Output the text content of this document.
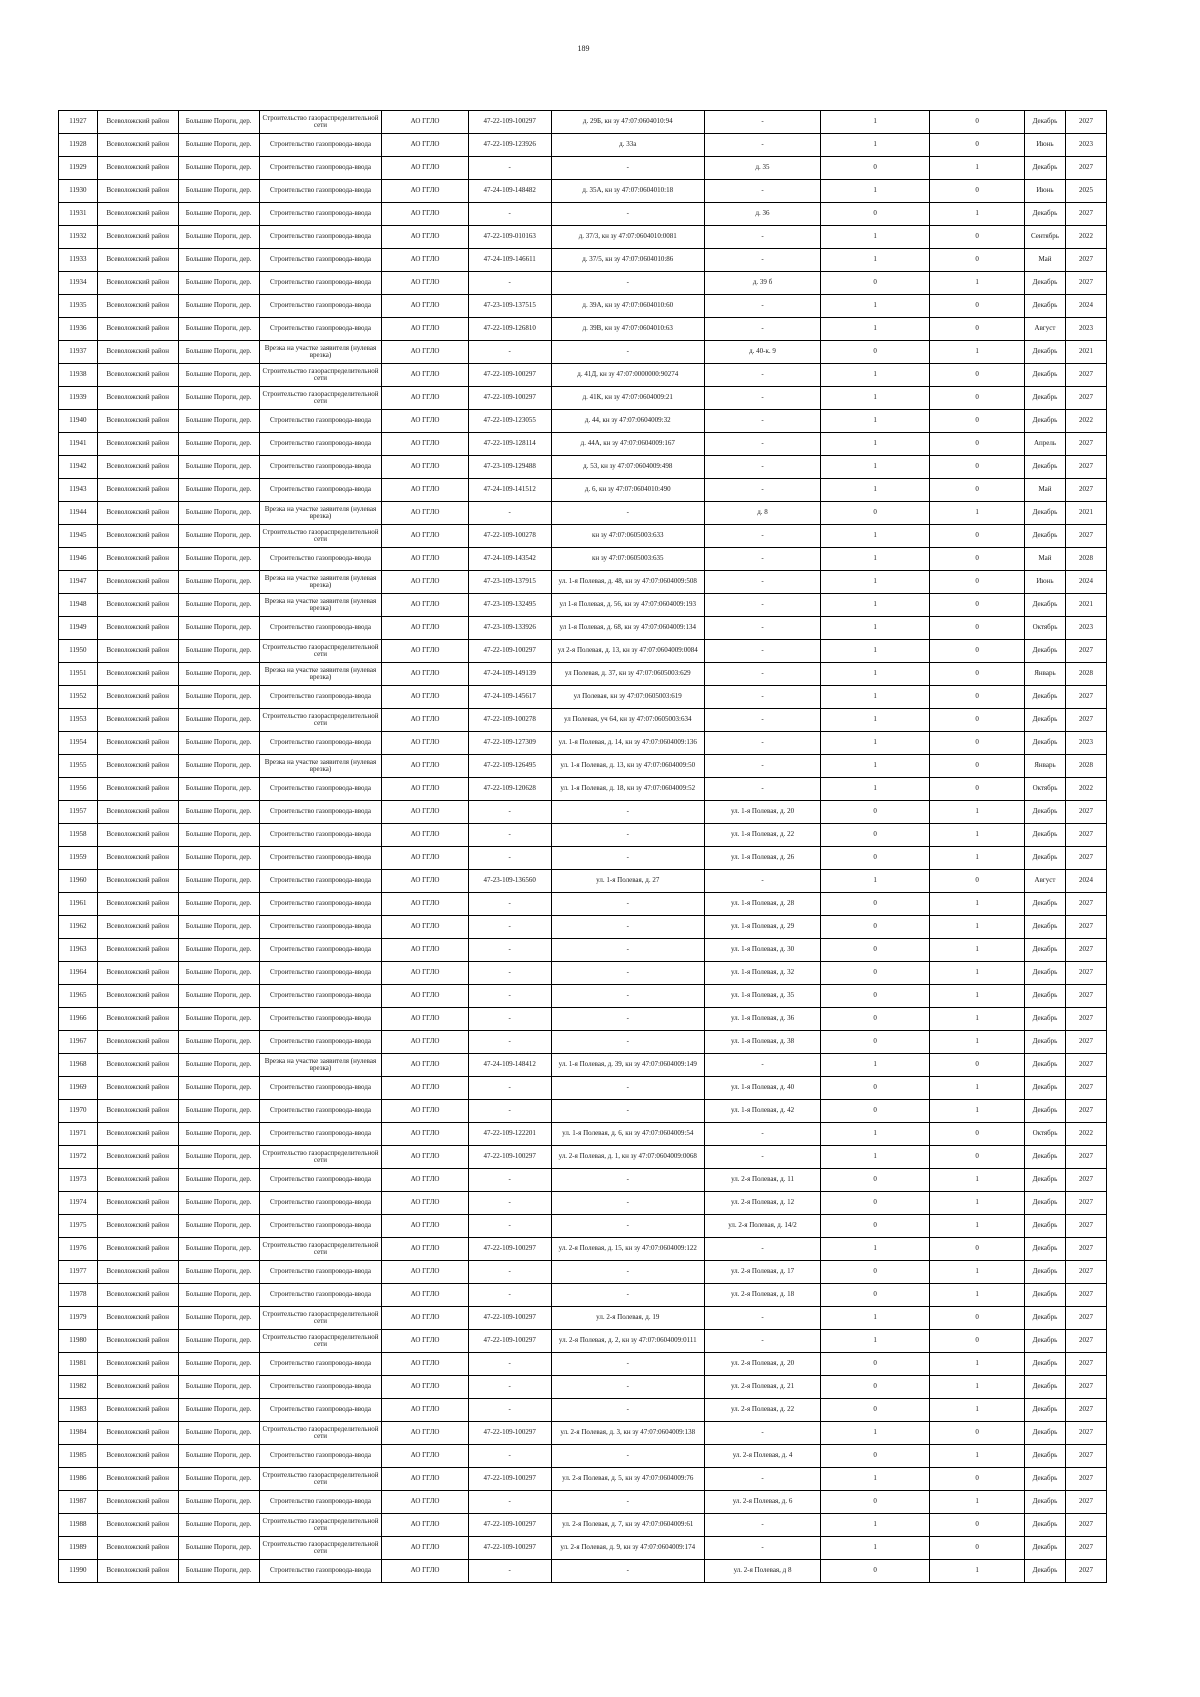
189
11927	Всеволожский район	Большие Пороги, дер.	Строительство газораспределительной сети	АО ГГЛО	47-22-109-100297	д. 29Б, кн зу 47:07:0604010:94	-	1	0	Декабрь	2027
11928	Всеволожский район	Большие Пороги, дер.	Строительство газопровода-ввода	АО ГГЛО	47-22-109-123926	д. 33а	-	1	0	Июнь	2023
11929	Всеволожский район	Большие Пороги, дер.	Строительство газопровода-ввода	АО ГГЛО	-	-	д. 35	0	1	Декабрь	2027
11930	Всеволожский район	Большие Пороги, дер.	Строительство газопровода-ввода	АО ГГЛО	47-24-109-148482	д. 35А, кн зу 47:07:0604010:18	-	1	0	Июнь	2025
11931	Всеволожский район	Большие Пороги, дер.	Строительство газопровода-ввода	АО ГГЛО	-	-	д. 36	0	1	Декабрь	2027
11932	Всеволожский район	Большие Пороги, дер.	Строительство газопровода-ввода	АО ГГЛО	47-22-109-010163	д. 37/3, кн зу 47:07:0604010:0081	-	1	0	Сентябрь	2022
11933	Всеволожский район	Большие Пороги, дер.	Строительство газопровода-ввода	АО ГГЛО	47-24-109-146611	д. 37/5, кн зу 47:07:0604010:86	-	1	0	Май	2027
11934	Всеволожский район	Большие Пороги, дер.	Строительство газопровода-ввода	АО ГГЛО	-	-	д. 39 б	0	1	Декабрь	2027
11935	Всеволожский район	Большие Пороги, дер.	Строительство газопровода-ввода	АО ГГЛО	47-23-109-137515	д. 39А, кн зу 47:07:0604010:60	-	1	0	Декабрь	2024
11936	Всеволожский район	Большие Пороги, дер.	Строительство газопровода-ввода	АО ГГЛО	47-22-109-126810	д. 39В, кн зу 47:07:0604010:63	-	1	0	Август	2023
11937	Всеволожский район	Большие Пороги, дер.	Врезка на участке заявителя (нулевая врезка)	АО ГГЛО	-	-	д. 40-к. 9	0	1	Декабрь	2021
11938	Всеволожский район	Большие Пороги, дер.	Строительство газораспределительной сети	АО ГГЛО	47-22-109-100297	д. 41Д, кн зу 47:07:0000000:90274	-	1	0	Декабрь	2027
11939	Всеволожский район	Большие Пороги, дер.	Строительство газораспределительной сети	АО ГГЛО	47-22-109-100297	д. 41К, кн зу 47:07:0604009:21	-	1	0	Декабрь	2027
11940	Всеволожский район	Большие Пороги, дер.	Строительство газопровода-ввода	АО ГГЛО	47-22-109-123055	д. 44, кн зу 47:07:0604009:32	-	1	0	Декабрь	2022
11941	Всеволожский район	Большие Пороги, дер.	Строительство газопровода-ввода	АО ГГЛО	47-22-109-128114	д. 44А, кн зу 47:07:0604009:167	-	1	0	Апрель	2027
11942	Всеволожский район	Большие Пороги, дер.	Строительство газопровода-ввода	АО ГГЛО	47-23-109-129488	д. 53, кн зу 47:07:0604009:498	-	1	0	Декабрь	2027
11943	Всеволожский район	Большие Пороги, дер.	Строительство газопровода-ввода	АО ГГЛО	47-24-109-141512	д. 6, кн зу 47:07:0604010:490	-	1	0	Май	2027
11944	Всеволожский район	Большие Пороги, дер.	Врезка на участке заявителя (нулевая врезка)	АО ГГЛО	-	-	д. 8	0	1	Декабрь	2021
11945	Всеволожский район	Большие Пороги, дер.	Строительство газораспределительной сети	АО ГГЛО	47-22-109-100278	кн зу 47:07:0605003:633	-	1	0	Декабрь	2027
11946	Всеволожский район	Большие Пороги, дер.	Строительство газопровода-ввода	АО ГГЛО	47-24-109-143542	кн зу 47:07:0605003:635	-	1	0	Май	2028
11947	Всеволожский район	Большие Пороги, дер.	Врезка на участке заявителя (нулевая врезка)	АО ГГЛО	47-23-109-137915	ул. 1-я Полевая, д. 48, кн зу 47:07:0604009:508	-	1	0	Июнь	2024
11948	Всеволожский район	Большие Пороги, дер.	Врезка на участке заявителя (нулевая врезка)	АО ГГЛО	47-23-109-132495	ул 1-я Полевая, д. 56, кн зу 47:07:0604009:193	-	1	0	Декабрь	2021
11949	Всеволожский район	Большие Пороги, дер.	Строительство газопровода-ввода	АО ГГЛО	47-23-109-133926	ул 1-я Полевая, д. 68, кн зу 47:07:0604009:134	-	1	0	Октябрь	2023
11950	Всеволожский район	Большие Пороги, дер.	Строительство газораспределительной сети	АО ГГЛО	47-22-109-100297	ул 2-я Полевая, д. 13, кн зу 47:07:0604009:0084	-	1	0	Декабрь	2027
11951	Всеволожский район	Большие Пороги, дер.	Врезка на участке заявителя (нулевая врезка)	АО ГГЛО	47-24-109-149139	ул Полевая, д. 37, кн зу 47:07:0605003:629	-	1	0	Январь	2028
11952	Всеволожский район	Большие Пороги, дер.	Строительство газопровода-ввода	АО ГГЛО	47-24-109-145617	ул Полевая, кн зу 47:07:0605003:619	-	1	0	Декабрь	2027
11953	Всеволожский район	Большие Пороги, дер.	Строительство газораспределительной сети	АО ГГЛО	47-22-109-100278	ул Полевая, уч 64, кн зу 47:07:0605003:634	-	1	0	Декабрь	2027
11954	Всеволожский район	Большие Пороги, дер.	Строительство газопровода-ввода	АО ГГЛО	47-22-109-127309	ул. 1-я Полевая, д. 14, кн зу 47:07:0604009:136	-	1	0	Декабрь	2023
11955	Всеволожский район	Большие Пороги, дер.	Врезка на участке заявителя (нулевая врезка)	АО ГГЛО	47-22-109-126495	ул. 1-я Полевая, д. 13, кн зу 47:07:0604009:50	-	1	0	Январь	2028
11956	Всеволожский район	Большие Пороги, дер.	Строительство газопровода-ввода	АО ГГЛО	47-22-109-120628	ул. 1-я Полевая, д. 18, кн зу 47:07:0604009:52	-	1	0	Октябрь	2022
11957	Всеволожский район	Большие Пороги, дер.	Строительство газопровода-ввода	АО ГГЛО	-	-	ул. 1-я Полевая, д. 20	0	1	Декабрь	2027
11958	Всеволожский район	Большие Пороги, дер.	Строительство газопровода-ввода	АО ГГЛО	-	-	ул. 1-я Полевая, д. 22	0	1	Декабрь	2027
11959	Всеволожский район	Большие Пороги, дер.	Строительство газопровода-ввода	АО ГГЛО	-	-	ул. 1-я Полевая, д. 26	0	1	Декабрь	2027
11960	Всеволожский район	Большие Пороги, дер.	Строительство газопровода-ввода	АО ГГЛО	47-23-109-136560	ул. 1-я Полевая, д. 27	-	1	0	Август	2024
11961	Всеволожский район	Большие Пороги, дер.	Строительство газопровода-ввода	АО ГГЛО	-	-	ул. 1-я Полевая, д. 28	0	1	Декабрь	2027
11962	Всеволожский район	Большие Пороги, дер.	Строительство газопровода-ввода	АО ГГЛО	-	-	ул. 1-я Полевая, д. 29	0	1	Декабрь	2027
11963	Всеволожский район	Большие Пороги, дер.	Строительство газопровода-ввода	АО ГГЛО	-	-	ул. 1-я Полевая, д. 30	0	1	Декабрь	2027
11964	Всеволожский район	Большие Пороги, дер.	Строительство газопровода-ввода	АО ГГЛО	-	-	ул. 1-я Полевая, д. 32	0	1	Декабрь	2027
11965	Всеволожский район	Большие Пороги, дер.	Строительство газопровода-ввода	АО ГГЛО	-	-	ул. 1-я Полевая, д. 35	0	1	Декабрь	2027
11966	Всеволожский район	Большие Пороги, дер.	Строительство газопровода-ввода	АО ГГЛО	-	-	ул. 1-я Полевая, д. 36	0	1	Декабрь	2027
11967	Всеволожский район	Большие Пороги, дер.	Строительство газопровода-ввода	АО ГГЛО	-	-	ул. 1-я Полевая, д. 38	0	1	Декабрь	2027
11968	Всеволожский район	Большие Пороги, дер.	Врезка на участке заявителя (нулевая врезка)	АО ГГЛО	47-24-109-148412	ул. 1-я Полевая, д. 39, кн зу 47:07:0604009:149	-	1	0	Декабрь	2027
11969	Всеволожский район	Большие Пороги, дер.	Строительство газопровода-ввода	АО ГГЛО	-	-	ул. 1-я Полевая, д. 40	0	1	Декабрь	2027
11970	Всеволожский район	Большие Пороги, дер.	Строительство газопровода-ввода	АО ГГЛО	-	-	ул. 1-я Полевая, д. 42	0	1	Декабрь	2027
11971	Всеволожский район	Большие Пороги, дер.	Строительство газопровода-ввода	АО ГГЛО	47-22-109-122201	ул. 1-я Полевая, д. 6, кн зу 47:07:0604009:54	-	1	0	Октябрь	2022
11972	Всеволожский район	Большие Пороги, дер.	Строительство газораспределительной сети	АО ГГЛО	47-22-109-100297	ул. 2-я Полевая, д. 1, кн зу 47:07:0604009:0068	-	1	0	Декабрь	2027
11973	Всеволожский район	Большие Пороги, дер.	Строительство газопровода-ввода	АО ГГЛО	-	-	ул. 2-я Полевая, д. 11	0	1	Декабрь	2027
11974	Всеволожский район	Большие Пороги, дер.	Строительство газопровода-ввода	АО ГГЛО	-	-	ул. 2-я Полевая, д. 12	0	1	Декабрь	2027
11975	Всеволожский район	Большие Пороги, дер.	Строительство газопровода-ввода	АО ГГЛО	-	-	ул. 2-я Полевая, д. 14/2	0	1	Декабрь	2027
11976	Всеволожский район	Большие Пороги, дер.	Строительство газораспределительной сети	АО ГГЛО	47-22-109-100297	ул. 2-я Полевая, д. 15, кн зу 47:07:0604009:122	-	1	0	Декабрь	2027
11977	Всеволожский район	Большие Пороги, дер.	Строительство газопровода-ввода	АО ГГЛО	-	-	ул. 2-я Полевая, д. 17	0	1	Декабрь	2027
11978	Всеволожский район	Большие Пороги, дер.	Строительство газопровода-ввода	АО ГГЛО	-	-	ул. 2-я Полевая, д. 18	0	1	Декабрь	2027
11979	Всеволожский район	Большие Пороги, дер.	Строительство газораспределительной сети	АО ГГЛО	47-22-109-100297	ул. 2-я Полевая, д. 19	-	1	0	Декабрь	2027
11980	Всеволожский район	Большие Пороги, дер.	Строительство газораспределительной сети	АО ГГЛО	47-22-109-100297	ул. 2-я Полевая, д. 2, кн зу 47:07:0604009:0111	-	1	0	Декабрь	2027
11981	Всеволожский район	Большие Пороги, дер.	Строительство газопровода-ввода	АО ГГЛО	-	-	ул. 2-я Полевая, д. 20	0	1	Декабрь	2027
11982	Всеволожский район	Большие Пороги, дер.	Строительство газопровода-ввода	АО ГГЛО	-	-	ул. 2-я Полевая, д. 21	0	1	Декабрь	2027
11983	Всеволожский район	Большие Пороги, дер.	Строительство газопровода-ввода	АО ГГЛО	-	-	ул. 2-я Полевая, д. 22	0	1	Декабрь	2027
11984	Всеволожский район	Большие Пороги, дер.	Строительство газораспределительной сети	АО ГГЛО	47-22-109-100297	ул. 2-я Полевая, д. 3, кн зу 47:07:0604009:138	-	1	0	Декабрь	2027
11985	Всеволожский район	Большие Пороги, дер.	Строительство газопровода-ввода	АО ГГЛО	-	-	ул. 2-я Полевая, д. 4	0	1	Декабрь	2027
11986	Всеволожский район	Большие Пороги, дер.	Строительство газораспределительной сети	АО ГГЛО	47-22-109-100297	ул. 2-я Полевая, д. 5, кн зу 47:07:0604009:76	-	1	0	Декабрь	2027
11987	Всеволожский район	Большие Пороги, дер.	Строительство газопровода-ввода	АО ГГЛО	-	-	ул. 2-я Полевая, д. 6	0	1	Декабрь	2027
11988	Всеволожский район	Большие Пороги, дер.	Строительство газораспределительной сети	АО ГГЛО	47-22-109-100297	ул. 2-я Полевая, д. 7, кн зу 47:07:0604009:61	-	1	0	Декабрь	2027
11989	Всеволожский район	Большие Пороги, дер.	Строительство газораспределительной сети	АО ГГЛО	47-22-109-100297	ул. 2-я Полевая, д. 9, кн зу 47:07:0604009:174	-	1	0	Декабрь	2027
11990	Всеволожский район	Большие Пороги, дер.	Строительство газопровода-ввода	АО ГГЛО	-	-	ул. 2-я Полевая, д 8	0	1	Декабрь	2027
